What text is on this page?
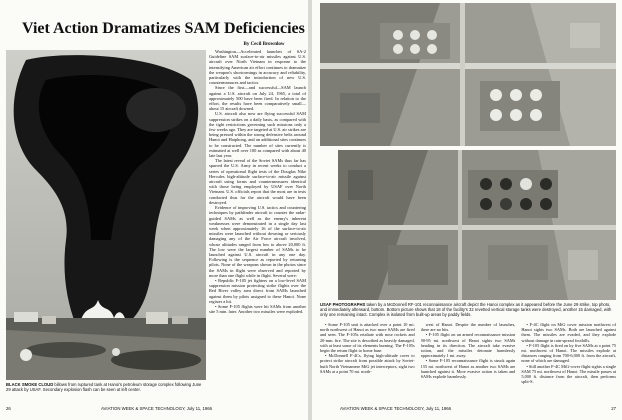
Viet Action Dramatizes SAM Deficiencies
By Cecil Brownlow

Washington—Accelerated launches of SA-2 Guideline SAM surface-to-air missiles against U.S. aircraft over North Vietnam in response to the intensifying American air effort continues to dramatize the weapon's shortcomings in accuracy and reliability, particularly with the introduction of new U.S. countermeasures and tactics.

Since the first—and successful—SAM launch against a U.S. aircraft on July 24, 1965, a total of approximately 500 have been fired. In relation to the effort, the results have been comparatively small—about 15 aircraft downed.

U.S. aircraft also now are flying successful SAM suppression strikes on a daily basis, as compared with the tight restrictions governing such missions only a few weeks ago. They are targeted at U.S. air strikes are being pressed within the strong defensive belts around Hanoi and Haiphong, and an additional sites continues to be constructed. The number of sites currently is estimated at well over 100 as compared with about 40 late last year.

The latest reveal of the Soviet SAMs thus far has spurred the U.S. Army in recent weeks to conduct a series of operational flight tests of the Douglas Nike Hercules high-altitude surface-to-air missile against aircraft using forms and countermeasures identical with those being employed by USAF over North Vietnam. U.S. officials report that the most are in tests conducted thus far the aircraft would have been destroyed.

Evidence of improving U.S. tactics and countering techniques by pathfinder aircraft to counter the radar-guided SAMs as well as the enemy's inherent weaknesses were demonstrated in a single day last week when approximately 16 of the surface-to-air missiles were launched without downing or seriously damaging any of the Air Force aircraft involved, whose altitudes ranged from low to above 20,000 ft. The low were the largest number of SAMs to be launched against U.S. aircraft in any one day. Following is the sequence as reported by returning pilots. None of the weapons shown in the photos since the SAMs in flight were observed and reported by more than one flight while in flight. Several were:

• Republic F-105 jet fighters on a low-level SAM suppression mission protecting strike flights over the Red River valley area direct from SAMs launched against them by pilots assigned to these Hanoi. None register a hit.

• Some F-105 flights were hit SAMs from another site 5 min. later. Another two missiles were exploded.

BLACK SMOKE CLOUD billows from ruptured tank at Hanoi's petroleum storage complex following June 29 attack by USAF. Secondary explosion flash can be seen at left center.
26	AVIATION WEEK & SPACE TECHNOLOGY, July 11, 1966
USAF PHOTOGRAPHS taken by a McDonnell RF-101 reconnaissance aircraft depict the Hanoi complex as it appeared before the June 29 strike, top photo, and immediately afterward, bottom. Bottom picture shows that 18 of the facility's 32 revetted vertical storage tanks were destroyed, another 15 damaged, with only one remaining intact. Complex is isolated from built-up areas by paddy fields.

• Some F-105 unit is attacked over a point 10 mi. north northwest of Hanoi as two more SAMs are fired and seen. The F-105s retaliate with nose rockets and 20-mm. fire. The site is described as heavily damaged, with at least some of its elements burning. The F-105s begin the return flight to home base.

• McDonnell F-4Cs, flying high-altitude cover to protect strike aircraft from possible attack by Soviet-built North Vietnamese MiG jet interceptors, sight two SAMs at a point 70 mi. north-

west of Hanoi. Despite the number of launches, there are no hits.

• F-105 flight on an armed reconnaissance mission 90-95 mi. northwest of Hanoi sights two SAMs heading in its direction. The aircraft take evasive action, and the missiles detonate harmlessly approximately 1 mi. away.

• Some F-105 reconnaissance flight is struck again 155 mi. northwest of Hanoi as another two SAMs are launched against it. More evasive action is taken and SAMs explode harmlessly.

• F-4C flight on MiG cover mission northwest of Hanoi sights two SAMs. Both are launched against them. The missiles are evaded, and they explode without damage in rain-spread foothills.

• F-105 flight is fired on by five SAMs at a point 75 mi. northwest of Hanoi. The missiles explode at distances ranging from 700-6,000 ft. from the aircraft, none of which are damaged.

• Still another F-4C MiG-cover flight sights a single SAM 75 mi. northwest of Hanoi. The missile passes at 5,000 ft. distance from the aircraft, then performs split-S.

AVIATION WEEK & SPACE TECHNOLOGY, July 11, 1966	27
